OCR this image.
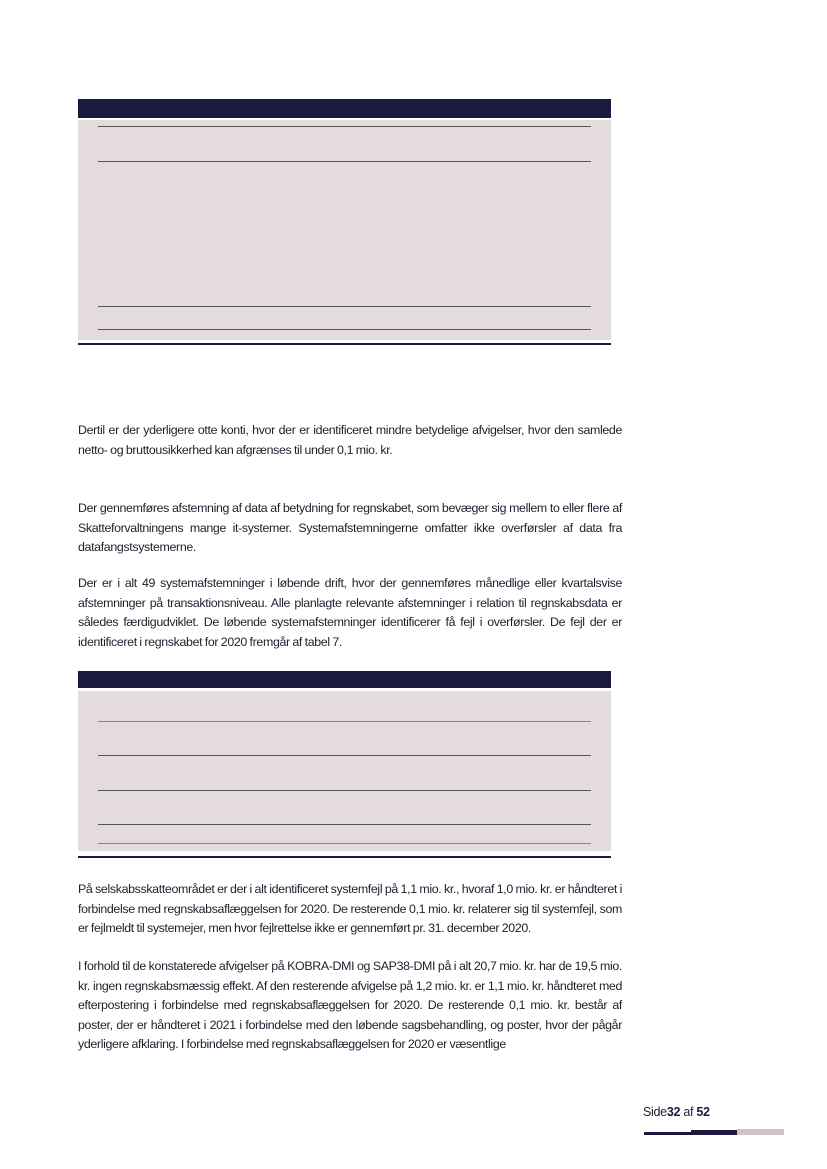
Dertil er der yderligere otte konti, hvor der er identificeret mindre betydelige afvigelser, hvor den samlede netto- og bruttousikkerhed kan afgrænses til under 0,1 mio. kr.

Der gennemføres afstemning af data af betydning for regnskabet, som bevæger sig mellem to eller flere af Skatteforvaltningens mange it-systemer. Systemafstemningerne omfatter ikke overførsler af data fra datafangstsystemerne.

Der er i alt 49 systemafstemninger i løbende drift, hvor der gennemføres månedlige eller kvartalsvise afstemninger på transaktionsniveau. Alle planlagte relevante afstemninger i relation til regnskabsdata er således færdigudviklet. De løbende systemafstemninger identificerer få fejl i overførsler. De fejl der er identificeret i regnskabet for 2020 fremgår af tabel 7.

På selskabsskatteområdet er der i alt identificeret systemfejl på 1,1 mio. kr., hvoraf 1,0 mio. kr. er håndteret i forbindelse med regnskabsaflæggelsen for 2020. De resterende 0,1 mio. kr. relaterer sig til systemfejl, som er fejlmeldt til systemejer, men hvor fejlrettelse ikke er gennemført pr. 31. december 2020.

I forhold til de konstaterede afvigelser på KOBRA-DMI og SAP38-DMI på i alt 20,7 mio. kr. har de 19,5 mio. kr. ingen regnskabsmæssig effekt. Af den resterende afvigelse på 1,2 mio. kr. er 1,1 mio. kr. håndteret med efterpostering i forbindelse med regnskabsaflæggelsen for 2020. De resterende 0,1 mio. kr. består af poster, der er håndteret i 2021 i forbindelse med den løbende sagsbehandling, og poster, hvor der pågår yderligere afklaring. I forbindelse med regnskabsaflæggelsen for 2020 er væsentlige

Side32 af 52
